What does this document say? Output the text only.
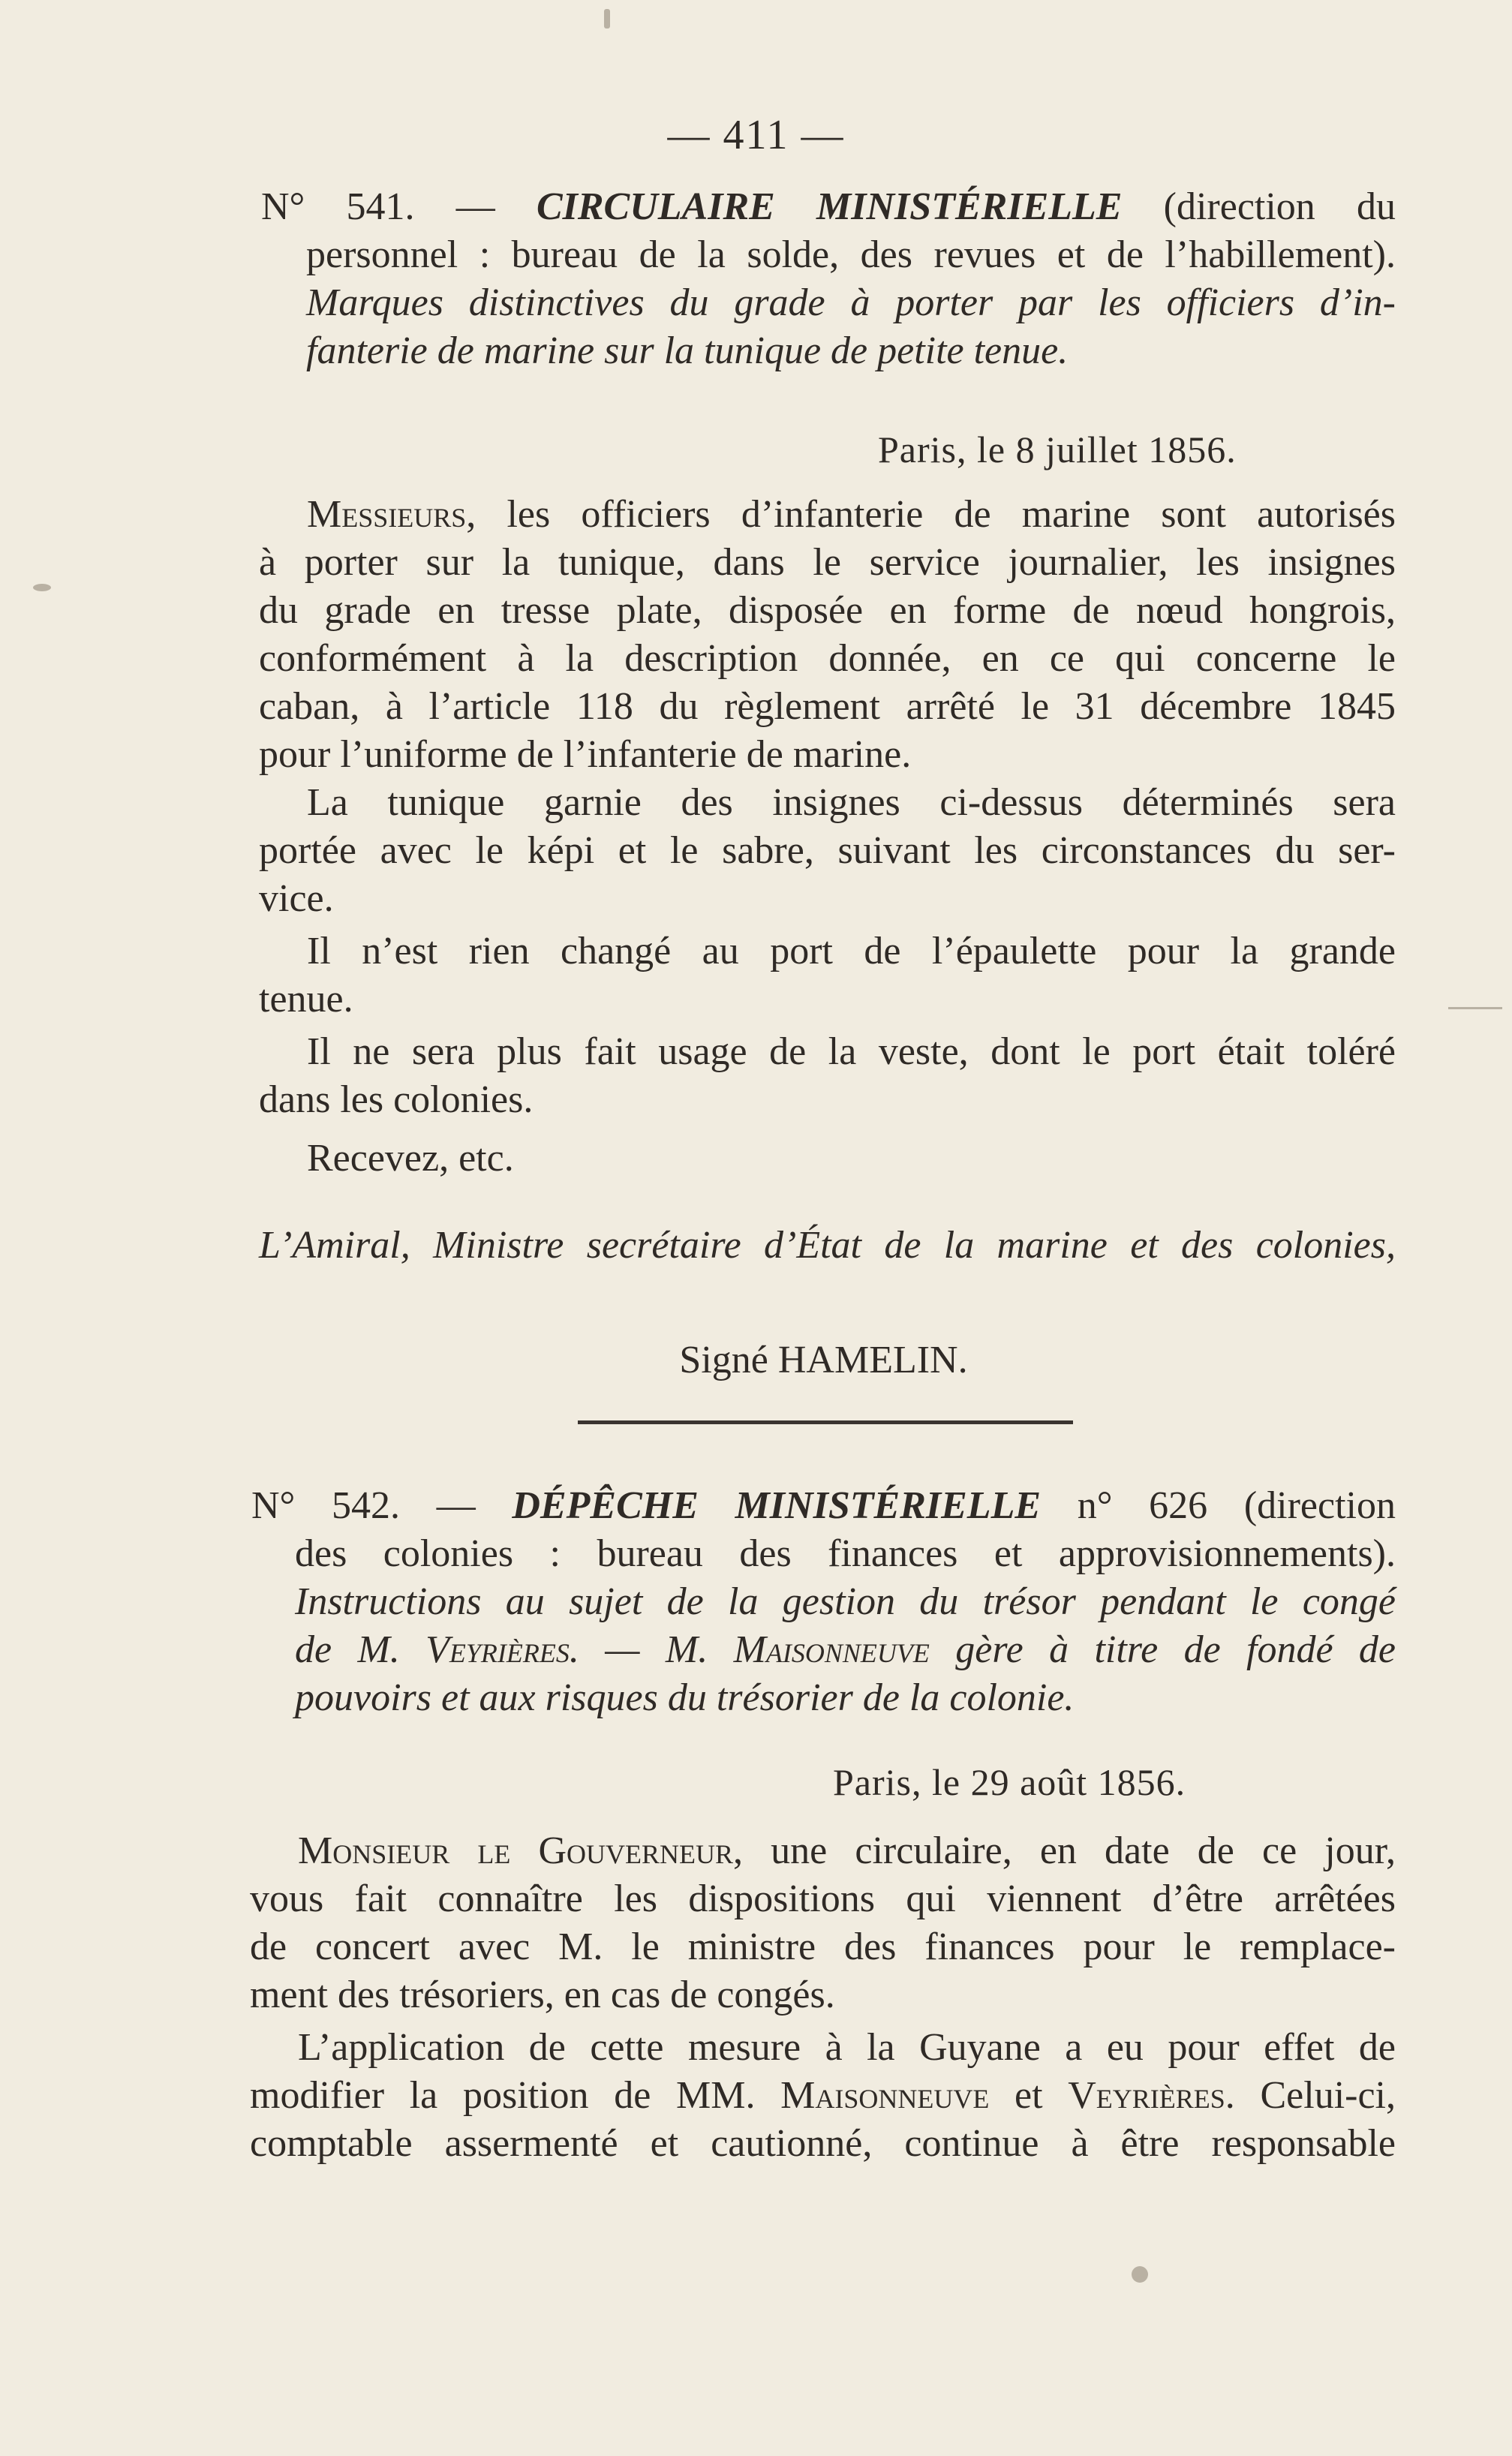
— 411 —
N° 541. — CIRCULAIRE MINISTÉRIELLE (direction du
personnel : bureau de la solde, des revues et de l’habillement).
Marques distinctives du grade à porter par les officiers d’in-
fanterie de marine sur la tunique de petite tenue.
Paris, le 8 juillet 1856.
Messieurs, les officiers d’infanterie de marine sont autorisés
à porter sur la tunique, dans le service journalier, les insignes
du grade en tresse plate, disposée en forme de nœud hongrois,
conformément à la description donnée, en ce qui concerne le
caban, à l’article 118 du règlement arrêté le 31 décembre 1845
pour l’uniforme de l’infanterie de marine.
La tunique garnie des insignes ci-dessus déterminés sera
portée avec le képi et le sabre, suivant les circonstances du ser-
vice.
Il n’est rien changé au port de l’épaulette pour la grande
tenue.
Il ne sera plus fait usage de la veste, dont le port était toléré
dans les colonies.
Recevez, etc.
L’Amiral, Ministre secrétaire d’État de la marine et des colonies,
Signé HAMELIN.
N° 542. — DÉPÊCHE MINISTÉRIELLE n° 626 (direction
des colonies : bureau des finances et approvisionnements).
Instructions au sujet de la gestion du trésor pendant le congé
de M. Veyrières. — M. Maisonneuve gère à titre de fondé de
pouvoirs et aux risques du trésorier de la colonie.
Paris, le 29 août 1856.
Monsieur le Gouverneur, une circulaire, en date de ce jour,
vous fait connaître les dispositions qui viennent d’être arrêtées
de concert avec M. le ministre des finances pour le remplace-
ment des trésoriers, en cas de congés.
L’application de cette mesure à la Guyane a eu pour effet de
modifier la position de MM. Maisonneuve et Veyrières. Celui-ci,
comptable assermenté et cautionné, continue à être responsable
